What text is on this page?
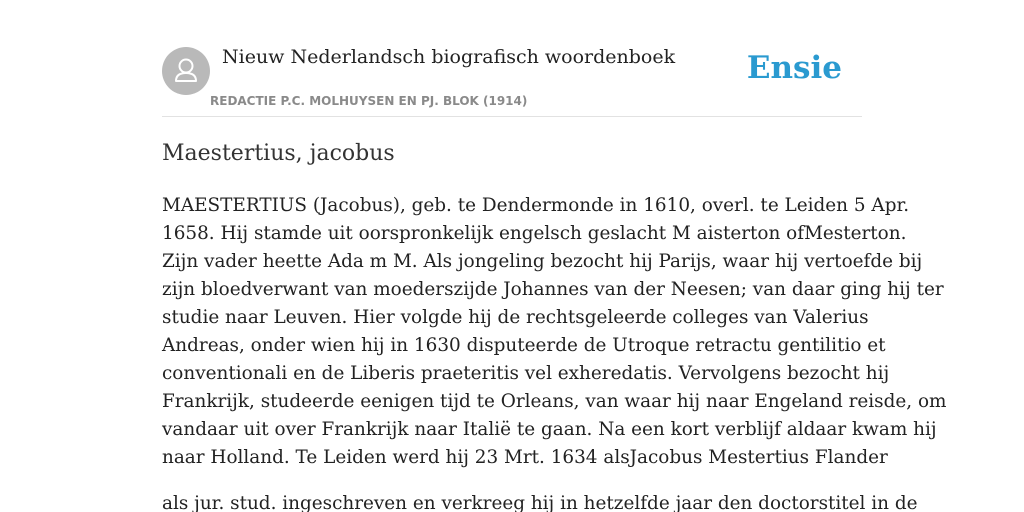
Nieuw Nederlandsch biografisch woordenboek
REDACTIE P.C. MOLHUYSEN EN PJ. BLOK (1914)
Ensie
Maestertius, jacobus
MAESTERTIUS (Jacobus), geb. te Dendermonde in 1610, overl. te Leiden 5 Apr.
1658. Hij stamde uit oorspronkelijk engelsch geslacht M aisterton ofMesterton.
Zijn vader heette Ada m M. Als jongeling bezocht hij Parijs, waar hij vertoefde bij
zijn bloedverwant van moederszijde Johannes van der Neesen; van daar ging hij ter
studie naar Leuven. Hier volgde hij de rechtsgeleerde colleges van Valerius
Andreas, onder wien hij in 1630 disputeerde de Utroque retractu gentilitio et
conventionali en de Liberis praeteritis vel exheredatis. Vervolgens bezocht hij
Frankrijk, studeerde eenigen tijd te Orleans, van waar hij naar Engeland reisde, om
vandaar uit over Frankrijk naar Italië te gaan. Na een kort verblijf aldaar kwam hij
naar Holland. Te Leiden werd hij 23 Mrt. 1634 alsJacobus Mestertius Flander
als jur. stud. ingeschreven en verkreeg hij in hetzelfde jaar den doctorstitel in de
